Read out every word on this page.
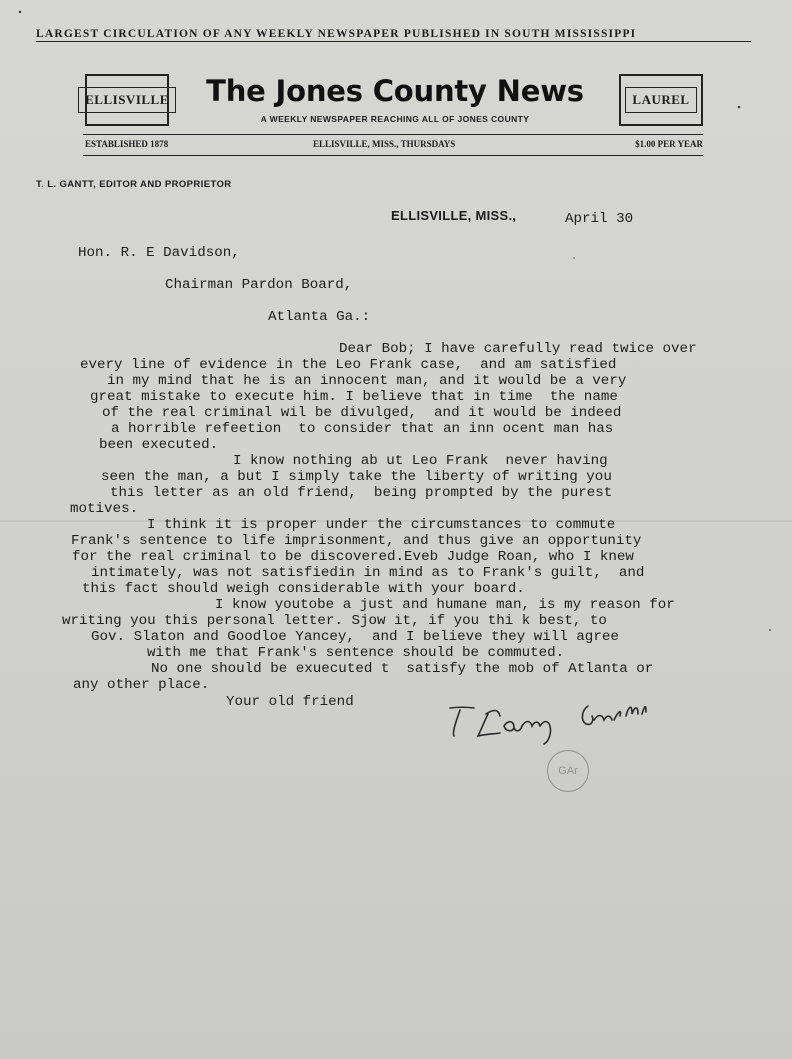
LARGEST CIRCULATION OF ANY WEEKLY NEWSPAPER PUBLISHED IN SOUTH MISSISSIPPI
ELLISVILLE	The Jones County News
A WEEKLY NEWSPAPER REACHING ALL OF JONES COUNTY
LAUREL
ESTABLISHED 1878	ELLISVILLE, MISS., THURSDAYS	$1.00 PER YEAR
T. L. GANTT, EDITOR AND PROPRIETOR
ELLISVILLE, MISS.,	April 30
Hon. R. E Davidson,
Chairman Pardon Board,
Atlanta Ga.:
Dear Bob; I have carefully read twice over
every line of evidence in the Leo Frank case,  and am satisfied
in my mind that he is an innocent man, and it would be a very
great mistake to execute him. I believe that in time  the name
of the real criminal wil be divulged,  and it would be indeed
a horrible refeetion  to consider that an inn ocent man has
been executed.
I know nothing ab ut Leo Frank  never having
seen the man, a but I simply take the liberty of writing you
this letter as an old friend,  being prompted by the purest
motives.
I think it is proper under the circumstances to commute
Frank's sentence to life imprisonment, and thus give an opportunity
for the real criminal to be discovered.Eveb Judge Roan, who I knew
intimately, was not satisfiedin in mind as to Frank's guilt,  and
this fact should weigh considerable with your board.
I know youtobe a just and humane man, is my reason for
writing you this personal letter. Sjow it, if you thi k best, to
Gov. Slaton and Goodloe Yancey,  and I believe they will agree
with me that Frank's sentence should be commuted.
No one should be exuecuted t  satisfy the mob of Atlanta or
any other place.
Your old friend
GAr
